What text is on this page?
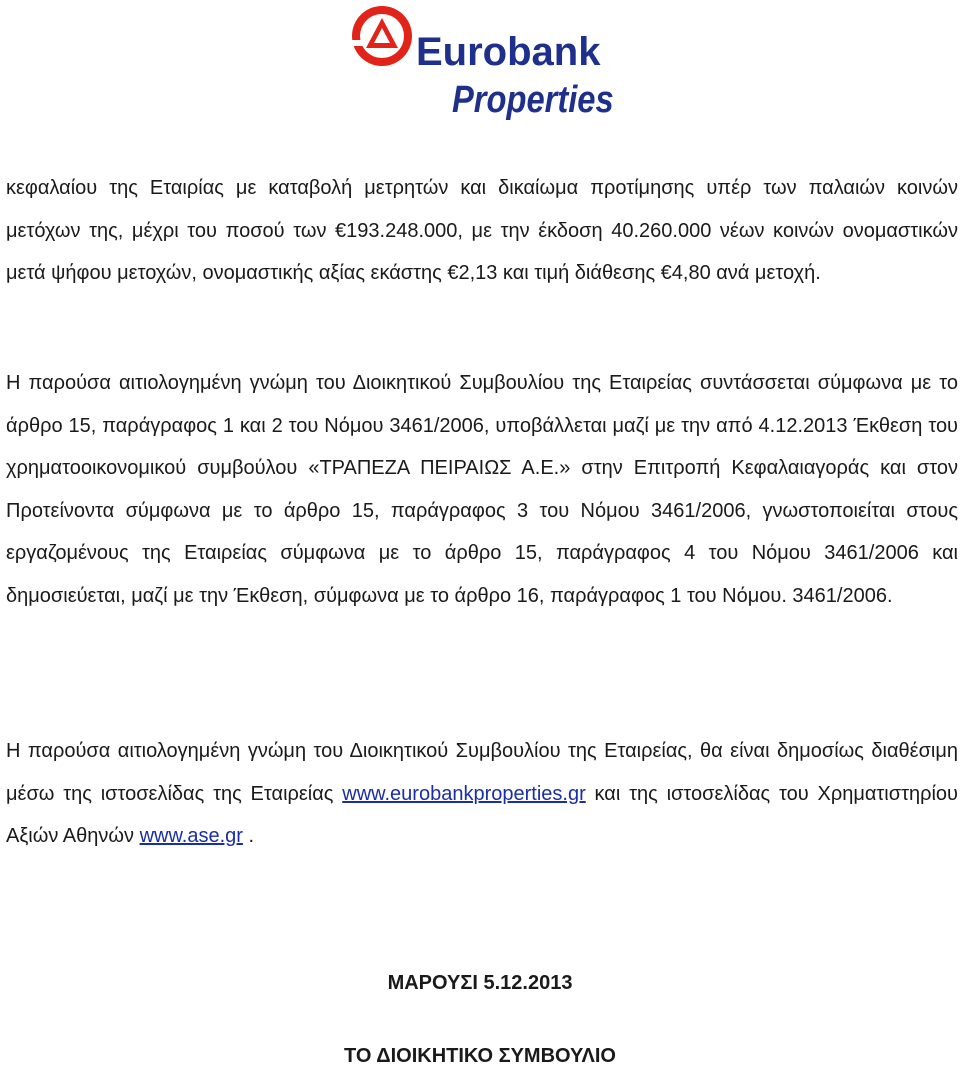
Eurobank
Properties

κεφαλαίου της Εταιρίας με καταβολή μετρητών και δικαίωμα προτίμησης υπέρ των παλαιών κοινών μετόχων της, μέχρι του ποσού των €193.248.000, με την έκδοση 40.260.000 νέων κοινών ονομαστικών μετά ψήφου μετοχών, ονομαστικής αξίας εκάστης €2,13 και τιμή διάθεσης €4,80 ανά μετοχή.

Η παρούσα αιτιολογημένη γνώμη του Διοικητικού Συμβουλίου της Εταιρείας συντάσσεται σύμφωνα με το άρθρο 15, παράγραφος 1 και 2 του Νόμου 3461/2006, υποβάλλεται μαζί με την από 4.12.2013 Έκθεση του χρηματοοικονομικού συμβούλου «ΤΡΑΠΕΖΑ ΠΕΙΡΑΙΩΣ Α.Ε.» στην Επιτροπή Κεφαλαιαγοράς και στον Προτείνοντα σύμφωνα με το άρθρο 15, παράγραφος 3 του Νόμου 3461/2006, γνωστοποιείται στους εργαζομένους της Εταιρείας σύμφωνα με το άρθρο 15, παράγραφος 4 του Νόμου 3461/2006 και δημοσιεύεται, μαζί με την Έκθεση, σύμφωνα με το άρθρο 16, παράγραφος 1 του Νόμου. 3461/2006.

Η παρούσα αιτιολογημένη γνώμη του Διοικητικού Συμβουλίου της Εταιρείας, θα είναι δημοσίως διαθέσιμη μέσω της ιστοσελίδας της Εταιρείας www.eurobankproperties.gr και της ιστοσελίδας του Χρηματιστηρίου Αξιών Αθηνών www.ase.gr .

ΜΑΡΟΥΣΙ 5.12.2013
ΤΟ ΔΙΟΙΚΗΤΙΚΟ ΣΥΜΒΟΥΛΙΟ
